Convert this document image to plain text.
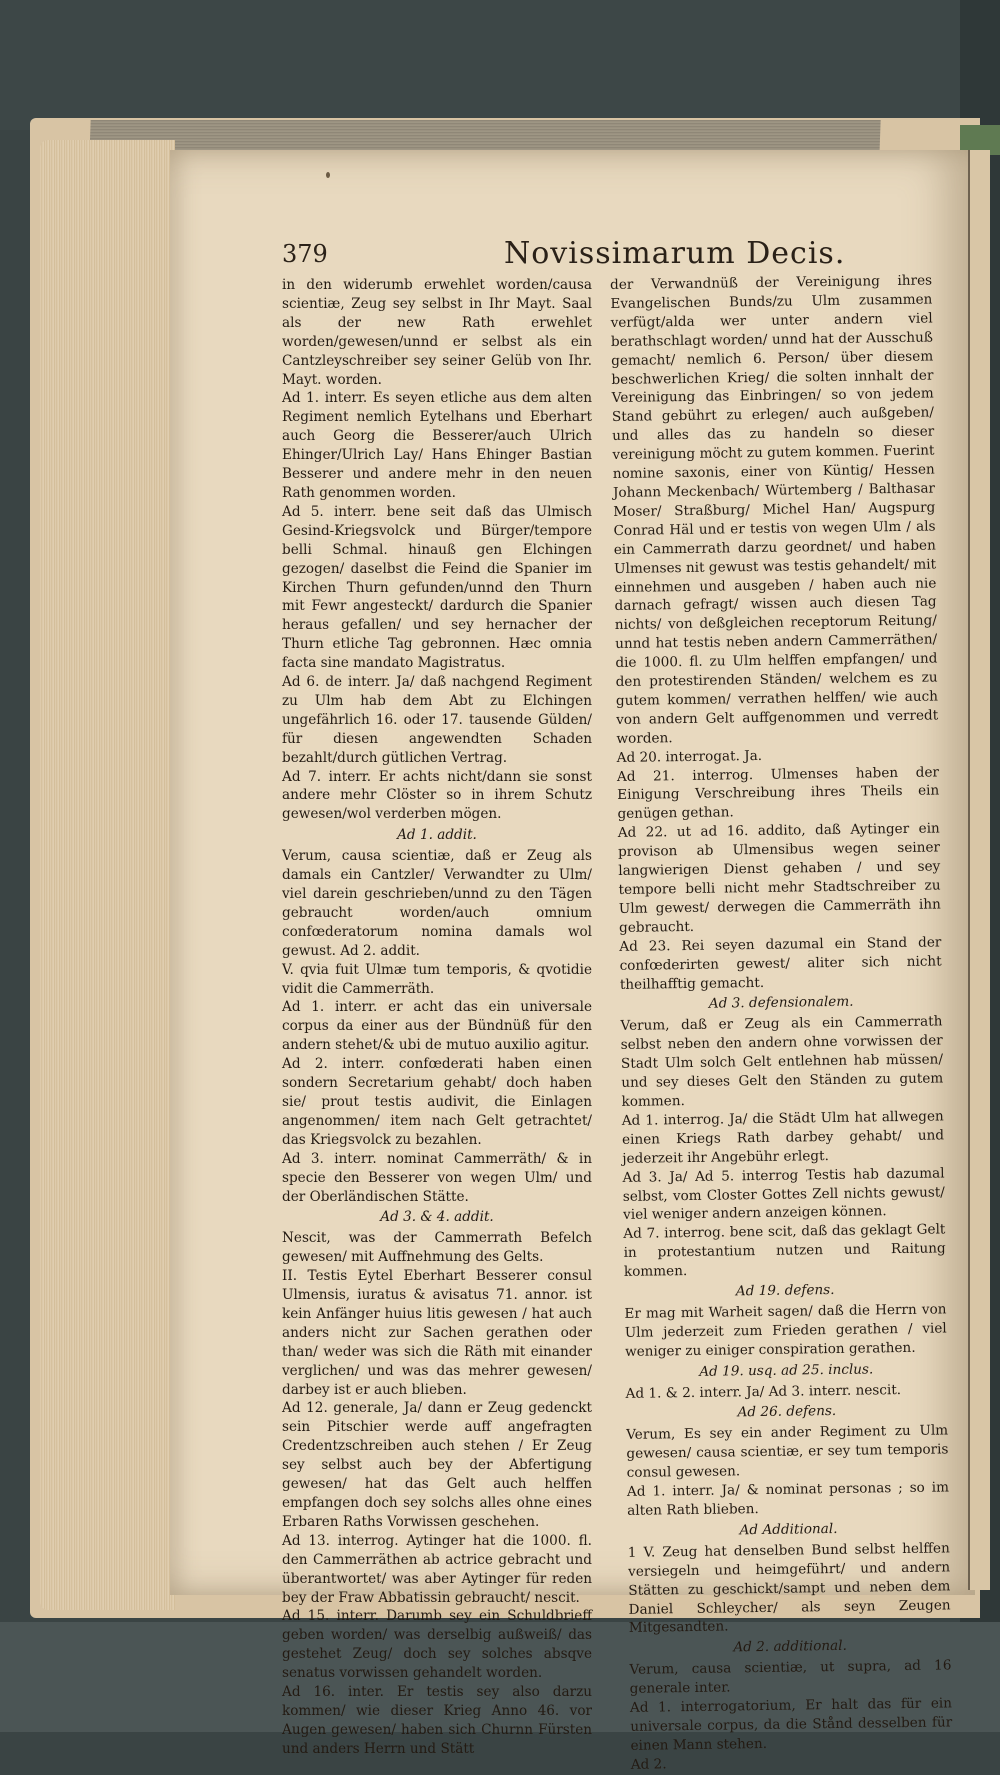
379	Novissimarum Decis.

in den widerumb erwehlet worden/causa scientiæ, Zeug sey selbst in Ihr Mayt. Saal als der new Rath erwehlet worden/gewesen/unnd er selbst als ein Cantzleyschreiber sey seiner Gelüb von Ihr. Mayt. worden.

Ad 1. interr. Es seyen etliche aus dem alten Regiment nemlich Eytelhans und Eberhart auch Georg die Besserer/auch Ulrich Ehinger/Ulrich Lay/ Hans Ehinger Bastian Besserer und andere mehr in den neuen Rath genommen worden.

Ad 5. interr. bene seit daß das Ulmisch Gesind-Kriegsvolck und Bürger/tempore belli Schmal. hinauß gen Elchingen gezogen/ daselbst die Feind die Spanier im Kirchen Thurn gefunden/unnd den Thurn mit Fewr angesteckt/ dardurch die Spanier heraus gefallen/ und sey hernacher der Thurn etliche Tag gebronnen. Hæc omnia facta sine mandato Magistratus.

Ad 6. de interr. Ja/ daß nachgend Regiment zu Ulm hab dem Abt zu Elchingen ungefährlich 16. oder 17. tausende Gülden/ für diesen angewendten Schaden bezahlt/durch gütlichen Vertrag.

Ad 7. interr. Er achts nicht/dann sie sonst andere mehr Clöster so in ihrem Schutz gewesen/wol verderben mögen.

Ad 1. addit.

Verum, causa scientiæ, daß er Zeug als damals ein Cantzler/ Verwandter zu Ulm/ viel darein geschrieben/unnd zu den Tägen gebraucht worden/auch omnium confœderatorum nomina damals wol gewust. Ad 2. addit.

V. qvia fuit Ulmæ tum temporis, & qvotidie vidit die Cammerräth.

Ad 1. interr. er acht das ein universale corpus da einer aus der Bündnüß für den andern stehet/& ubi de mutuo auxilio agitur.

Ad 2. interr. confœderati haben einen sondern Secretarium gehabt/ doch haben sie/ prout testis audivit, die Einlagen angenommen/ item nach Gelt getrachtet/ das Kriegsvolck zu bezahlen.

Ad 3. interr. nominat Cammerräth/ & in specie den Besserer von wegen Ulm/ und der Oberländischen Stätte.

Ad 3. & 4. addit.

Nescit, was der Cammerrath Befelch gewesen/ mit Auffnehmung des Gelts.

II. Testis Eytel Eberhart Besserer consul Ulmensis, iuratus & avisatus 71. annor. ist kein Anfänger huius litis gewesen / hat auch anders nicht zur Sachen gerathen oder than/ weder was sich die Räth mit einander verglichen/ und was das mehrer gewesen/ darbey ist er auch blieben.

Ad 12. generale, Ja/ dann er Zeug gedenckt sein Pitschier werde auff angefragten Credentzschreiben auch stehen / Er Zeug sey selbst auch bey der Abfertigung gewesen/ hat das Gelt auch helffen empfangen doch sey solchs alles ohne eines Erbaren Raths Vorwissen geschehen.

Ad 13. interrog. Aytinger hat die 1000. fl. den Cammerräthen ab actrice gebracht und überantwortet/ was aber Aytinger für reden bey der Fraw Abbatissin gebraucht/ nescit.

Ad 15. interr. Darumb sey ein Schuldbrieff geben worden/ was derselbig außweiß/ das gestehet Zeug/ doch sey solches absqve senatus vorwissen gehandelt worden.

Ad 16. inter. Er testis sey also darzu kommen/ wie dieser Krieg Anno 46. vor Augen gewesen/ haben sich Churnn Fürsten und anders Herrn und Stätt

der Verwandnüß der Vereinigung ihres Evangelischen Bunds/zu Ulm zusammen verfügt/alda wer unter andern viel berathschlagt worden/ unnd hat der Ausschuß gemacht/ nemlich 6. Person/ über diesem beschwerlichen Krieg/ die solten innhalt der Vereinigung das Einbringen/ so von jedem Stand gebührt zu erlegen/ auch außgeben/ und alles das zu handeln so dieser vereinigung möcht zu gutem kommen. Fuerint nomine saxonis, einer von Küntig/ Hessen Johann Meckenbach/ Würtemberg / Balthasar Moser/ Straßburg/ Michel Han/ Augspurg Conrad Häl und er testis von wegen Ulm / als ein Cammerrath darzu geordnet/ und haben Ulmenses nit gewust was testis gehandelt/ mit einnehmen und ausgeben / haben auch nie darnach gefragt/ wissen auch diesen Tag nichts/ von deßgleichen receptorum Reitung/ unnd hat testis neben andern Cammerräthen/ die 1000. fl. zu Ulm helffen empfangen/ und den protestirenden Ständen/ welchem es zu gutem kommen/ verrathen helffen/ wie auch von andern Gelt auffgenommen und verredt worden.

Ad 20. interrogat. Ja.

Ad 21. interrog. Ulmenses haben der Einigung Verschreibung ihres Theils ein genügen gethan.

Ad 22. ut ad 16. addito, daß Aytinger ein provison ab Ulmensibus wegen seiner langwierigen Dienst gehaben / und sey tempore belli nicht mehr Stadtschreiber zu Ulm gewest/ derwegen die Cammerräth ihn gebraucht.

Ad 23. Rei seyen dazumal ein Stand der confœderirten gewest/ aliter sich nicht theilhafftig gemacht.

Ad 3. defensionalem.

Verum, daß er Zeug als ein Cammerrath selbst neben den andern ohne vorwissen der Stadt Ulm solch Gelt entlehnen hab müssen/ und sey dieses Gelt den Ständen zu gutem kommen.

Ad 1. interrog. Ja/ die Städt Ulm hat allwegen einen Kriegs Rath darbey gehabt/ und jederzeit ihr Angebühr erlegt.

Ad 3. Ja/ Ad 5. interrog Testis hab dazumal selbst, vom Closter Gottes Zell nichts gewust/ viel weniger andern anzeigen können.

Ad 7. interrog. bene scit, daß das geklagt Gelt in protestantium nutzen und Raitung kommen.

Ad 19. defens.

Er mag mit Warheit sagen/ daß die Herrn von Ulm jederzeit zum Frieden gerathen / viel weniger zu einiger conspiration gerathen.

Ad 19. usq. ad 25. inclus.

Ad 1. & 2. interr. Ja/ Ad 3. interr. nescit.

Ad 26. defens.

Verum, Es sey ein ander Regiment zu Ulm gewesen/ causa scientiæ, er sey tum temporis consul gewesen.

Ad 1. interr. Ja/ & nominat personas ; so im alten Rath blieben.

Ad Additional.

1 V. Zeug hat denselben Bund selbst helffen versiegeln und heimgeführt/ und andern Stätten zu geschickt/sampt und neben dem Daniel Schleycher/ als seyn Zeugen Mitgesandten.

Ad 2. additional.

Verum, causa scientiæ, ut supra, ad 16 generale inter.

Ad 1. interrogatorium, Er halt das für ein universale corpus, da die Stånd desselben für einen Mann stehen.

Ad 2.
